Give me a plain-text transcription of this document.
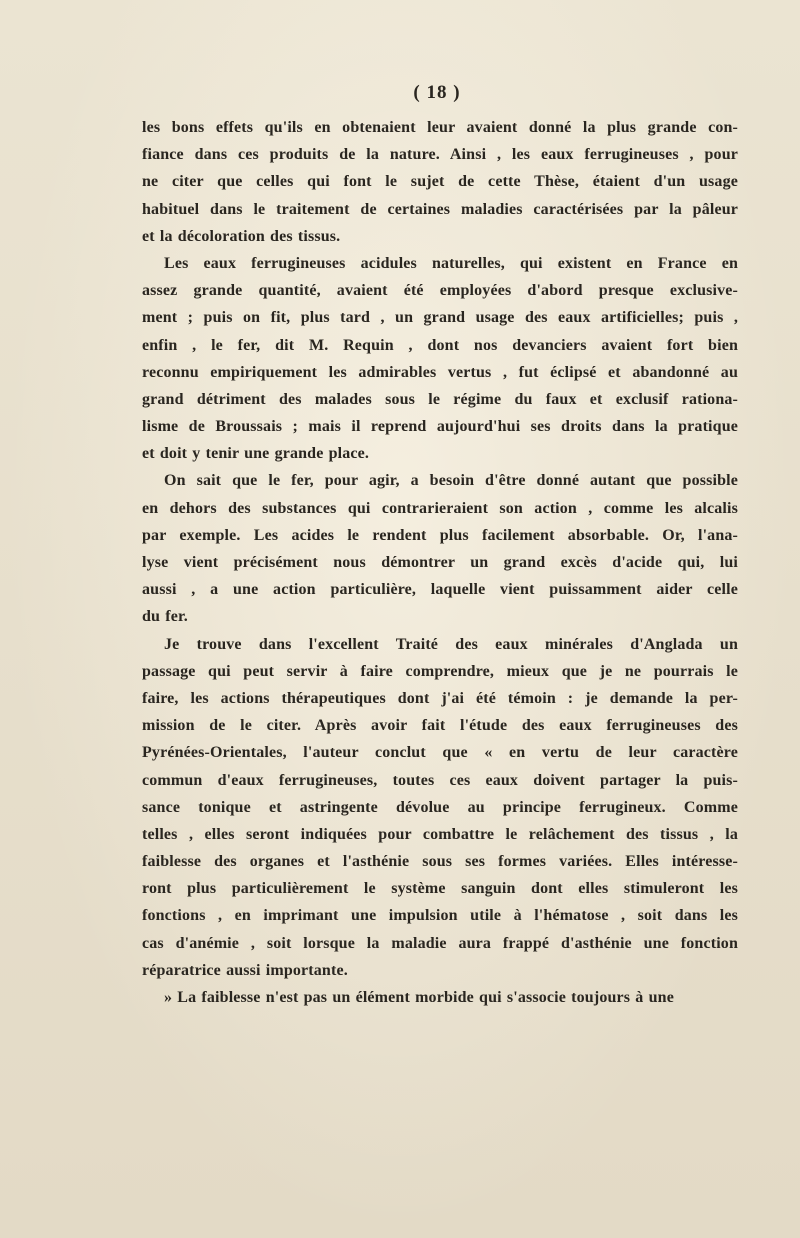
( 18 )
les bons effets qu'ils en obtenaient leur avaient donné la plus grande con-
fiance dans ces produits de la nature. Ainsi , les eaux ferrugineuses , pour
ne citer que celles qui font le sujet de cette Thèse, étaient d'un usage
habituel dans le traitement de certaines maladies caractérisées par la pâleur
et la décoloration des tissus.
Les eaux ferrugineuses acidules naturelles, qui existent en France en
assez grande quantité, avaient été employées d'abord presque exclusive-
ment ; puis on fit, plus tard , un grand usage des eaux artificielles; puis ,
enfin , le fer, dit M. Requin , dont nos devanciers avaient fort bien
reconnu empiriquement les admirables vertus , fut éclipsé et abandonné au
grand détriment des malades sous le régime du faux et exclusif rationa-
lisme de Broussais ; mais il reprend aujourd'hui ses droits dans la pratique
et doit y tenir une grande place.
On sait que le fer, pour agir, a besoin d'être donné autant que possible
en dehors des substances qui contrarieraient son action , comme les alcalis
par exemple. Les acides le rendent plus facilement absorbable. Or, l'ana-
lyse vient précisément nous démontrer un grand excès d'acide qui, lui
aussi , a une action particulière, laquelle vient puissamment aider celle
du fer.
Je trouve dans l'excellent Traité des eaux minérales d'Anglada un
passage qui peut servir à faire comprendre, mieux que je ne pourrais le
faire, les actions thérapeutiques dont j'ai été témoin : je demande la per-
mission de le citer. Après avoir fait l'étude des eaux ferrugineuses des
Pyrénées-Orientales, l'auteur conclut que « en vertu de leur caractère
commun d'eaux ferrugineuses, toutes ces eaux doivent partager la puis-
sance tonique et astringente dévolue au principe ferrugineux. Comme
telles , elles seront indiquées pour combattre le relâchement des tissus , la
faiblesse des organes et l'asthénie sous ses formes variées. Elles intéresse-
ront plus particulièrement le système sanguin dont elles stimuleront les
fonctions , en imprimant une impulsion utile à l'hématose , soit dans les
cas d'anémie , soit lorsque la maladie aura frappé d'asthénie une fonction
réparatrice aussi importante.
» La faiblesse n'est pas un élément morbide qui s'associe toujours à une
